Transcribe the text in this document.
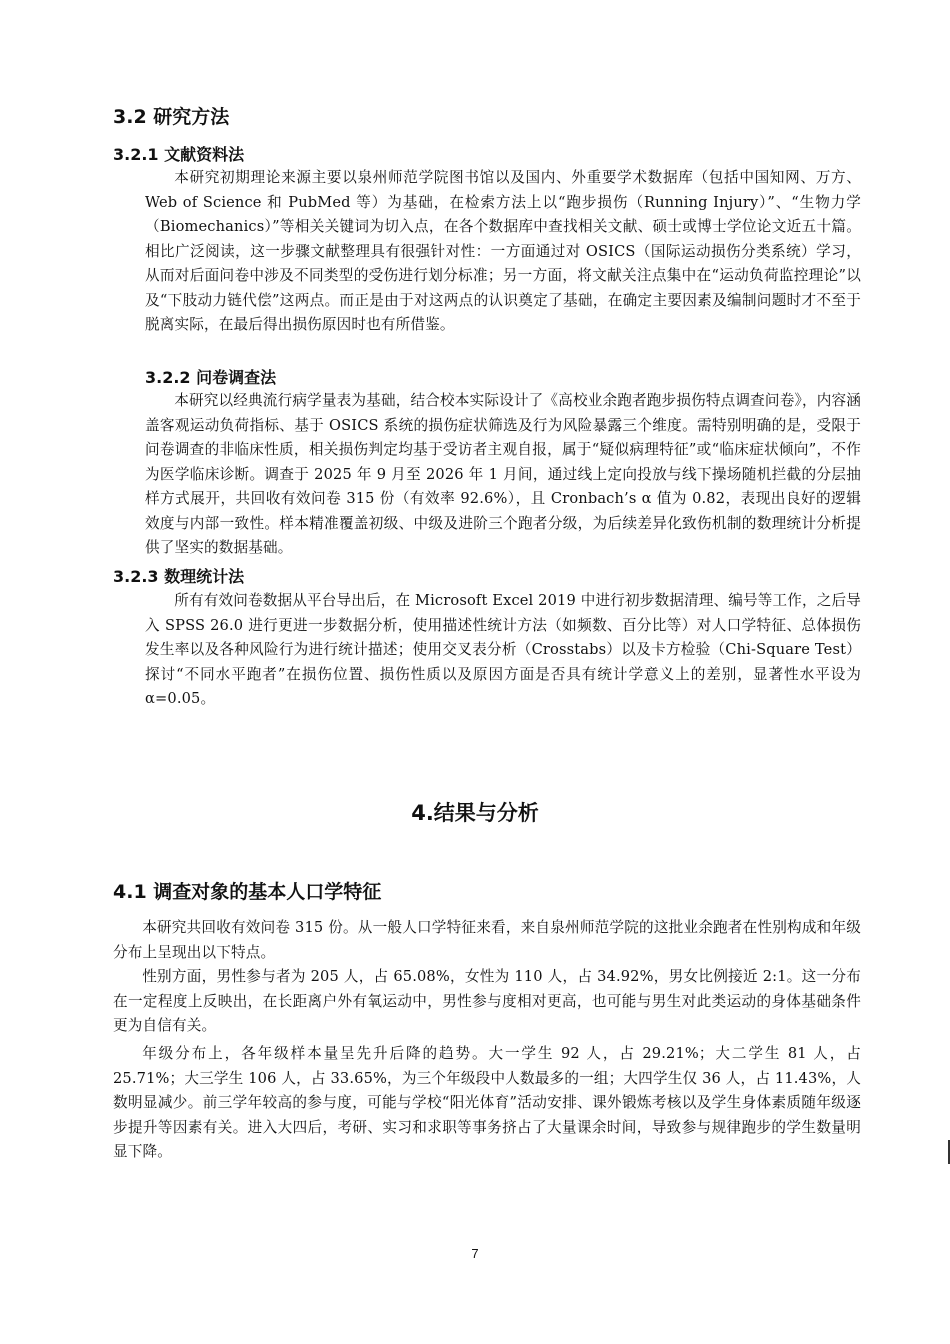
3.2 研究方法
3.2.1 文献资料法

本研究初期理论来源主要以泉州师范学院图书馆以及国内、外重要学术数据库（包括中国知网、万方、Web of Science 和 PubMed 等）为基础，在检索方法上以“跑步损伤（Running Injury）”、“生物力学（Biomechanics）”等相关关键词为切入点，在各个数据库中查找相关文献、硕士或博士学位论文近五十篇。相比广泛阅读，这一步骤文献整理具有很强针对性：一方面通过对 OSICS（国际运动损伤分类系统）学习，从而对后面问卷中涉及不同类型的受伤进行划分标准；另一方面，将文献关注点集中在“运动负荷监控理论”以及“下肢动力链代偿”这两点。而正是由于对这两点的认识奠定了基础，在确定主要因素及编制问题时才不至于脱离实际，在最后得出损伤原因时也有所借鉴。

3.2.2 问卷调查法

本研究以经典流行病学量表为基础，结合校本实际设计了《高校业余跑者跑步损伤特点调查问卷》，内容涵盖客观运动负荷指标、基于 OSICS 系统的损伤症状筛选及行为风险暴露三个维度。需特别明确的是，受限于问卷调查的非临床性质，相关损伤判定均基于受访者主观自报，属于“疑似病理特征”或“临床症状倾向”，不作为医学临床诊断。调查于 2025 年 9 月至 2026 年 1 月间，通过线上定向投放与线下操场随机拦截的分层抽样方式展开，共回收有效问卷 315 份（有效率 92.6%），且 Cronbach’s α 值为 0.82，表现出良好的逻辑效度与内部一致性。样本精准覆盖初级、中级及进阶三个跑者分级，为后续差异化致伤机制的数理统计分析提供了坚实的数据基础。

3.2.3 数理统计法

所有有效问卷数据从平台导出后，在 Microsoft Excel 2019 中进行初步数据清理、编号等工作，之后导入 SPSS 26.0 进行更进一步数据分析，使用描述性统计方法（如频数、百分比等）对人口学特征、总体损伤发生率以及各种风险行为进行统计描述；使用交叉表分析（Crosstabs）以及卡方检验（Chi-Square Test）探讨“不同水平跑者”在损伤位置、损伤性质以及原因方面是否具有统计学意义上的差别，显著性水平设为 α=0.05。

4.结果与分析
4.1 调查对象的基本人口学特征

本研究共回收有效问卷 315 份。从一般人口学特征来看，来自泉州师范学院的这批业余跑者在性别构成和年级分布上呈现出以下特点。

性别方面，男性参与者为 205 人，占 65.08%，女性为 110 人，占 34.92%，男女比例接近 2:1。这一分布在一定程度上反映出，在长距离户外有氧运动中，男性参与度相对更高，也可能与男生对此类运动的身体基础条件更为自信有关。

年级分布上，各年级样本量呈先升后降的趋势。大一学生 92 人，占 29.21%；大二学生 81 人，占 25.71%；大三学生 106 人，占 33.65%，为三个年级段中人数最多的一组；大四学生仅 36 人，占 11.43%，人数明显减少。前三学年较高的参与度，可能与学校“阳光体育”活动安排、课外锻炼考核以及学生身体素质随年级逐步提升等因素有关。进入大四后，考研、实习和求职等事务挤占了大量课余时间，导致参与规律跑步的学生数量明显下降。

7
